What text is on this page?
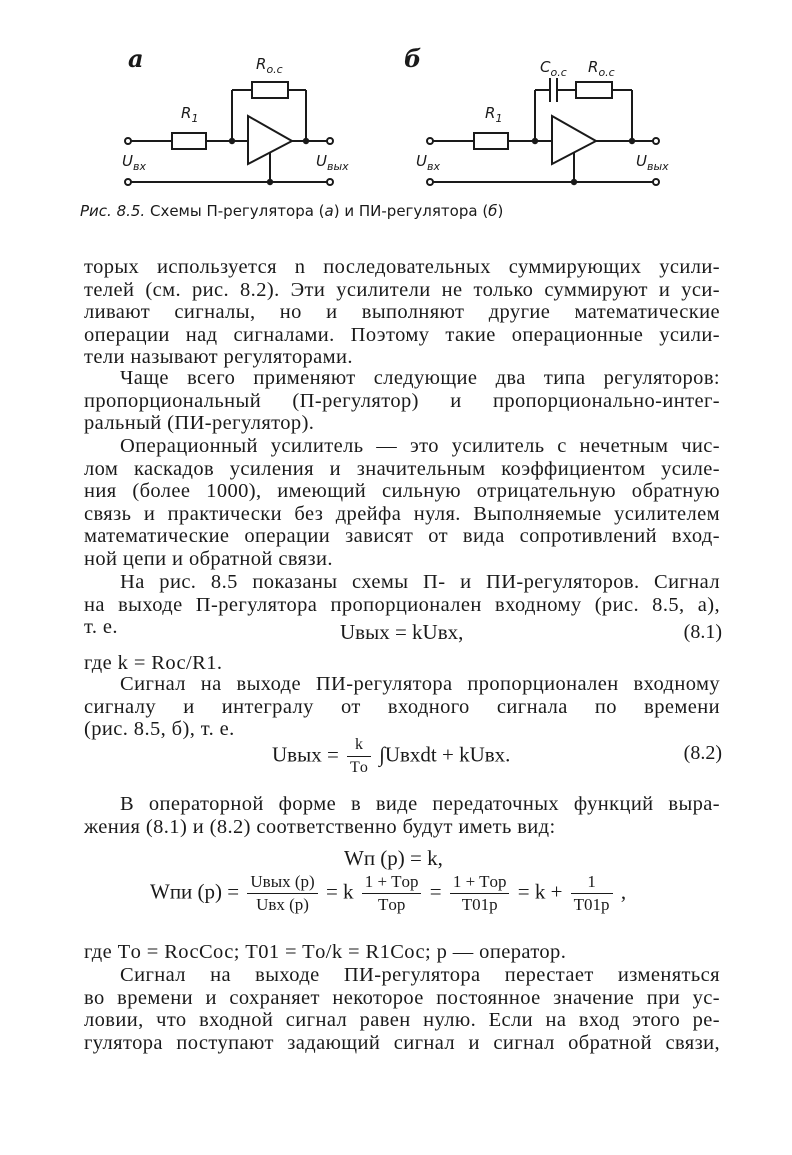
а	б
$R_{о.с}$
$R_1$
$U_{вх}$	$U_{вых}$
$C_{о.с}$ $R_{о.с}$
$R_1$
$U_{вх}$	$U_{вых}$
Рис. 8.5. Схемы П-регулятора (а) и ПИ-регулятора (б)
торых используется n последовательных суммирующих усили-
телей (см. рис. 8.2). Эти усилители не только суммируют и уси-
ливают сигналы, но и выполняют другие математические
операции над сигналами. Поэтому такие операционные усили-
тели называют регуляторами.
Чаще всего применяют следующие два типа регуляторов:
пропорциональный (П-регулятор) и пропорционально-интег-
ральный (ПИ-регулятор).
Операционный усилитель — это усилитель с нечетным чис-
лом каскадов усиления и значительным коэффициентом усиле-
ния (более 1000), имеющий сильную отрицательную обратную
связь и практически без дрейфа нуля. Выполняемые усилителем
математические операции зависят от вида сопротивлений вход-
ной цепи и обратной связи.
На рис. 8.5 показаны схемы П- и ПИ-регуляторов. Сигнал
на выходе П-регулятора пропорционален входному (рис. 8.5, а),
т. е.	Uвых = kUвх,	(8.1)
где k = Rос/R1.
Сигнал на выходе ПИ-регулятора пропорционален входному
сигналу и интегралу от входного сигнала по времени
(рис. 8.5, б), т. е.
Uвых = $\frac{k}{Tо}$ ∫Uвхdt + kUвх.	(8.2)
В операторной форме в виде передаточных функций выра-
жения (8.1) и (8.2) соответственно будут иметь вид:
Wп (p) = k,
Wпи $(p) = \frac{\text{Uвых (p)}}{\text{Uвх (p)}} = k \frac{\text{1 + Tоp}}{\text{Tоp}} = \frac{\text{1 + Tоp}}{T01p} = k + \frac{1}{T01p}$ ,
где Tо = RосCос; T01 = Tо/k = R1Cос; p — оператор.
Сигнал на выходе ПИ-регулятора перестает изменяться
во времени и сохраняет некоторое постоянное значение при ус-
ловии, что входной сигнал равен нулю. Если на вход этого ре-
гулятора поступают задающий сигнал и сигнал обратной связи,
